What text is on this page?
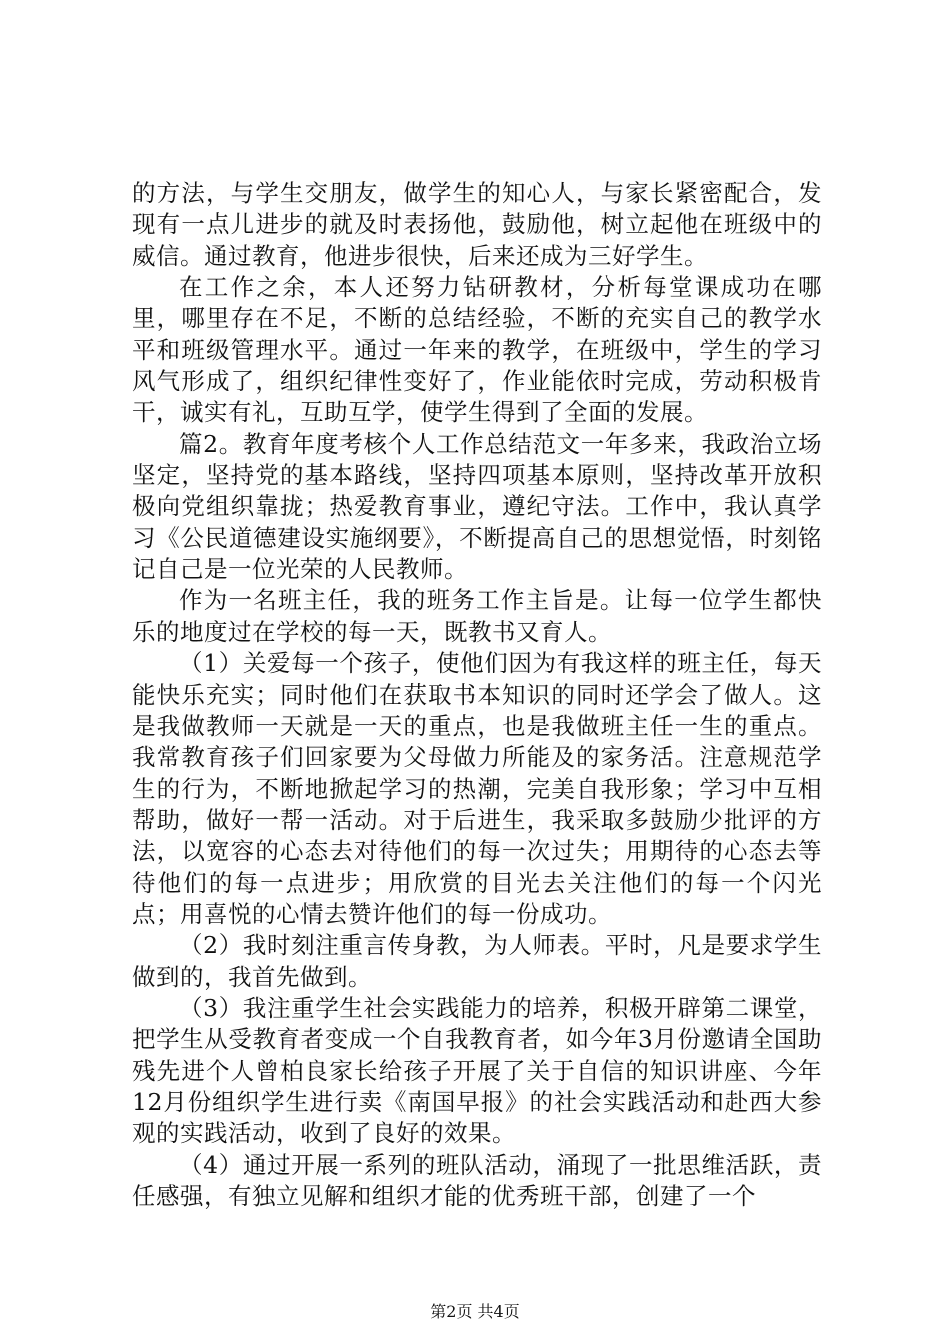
的方法，与学生交朋友，做学生的知心人，与家长紧密配合，发现有一点儿进步的就及时表扬他，鼓励他，树立起他在班级中的威信。通过教育，他进步很快，后来还成为三好学生。

在工作之余，本人还努力钻研教材，分析每堂课成功在哪里，哪里存在不足，不断的总结经验，不断的充实自己的教学水平和班级管理水平。通过一年来的教学，在班级中，学生的学习风气形成了，组织纪律性变好了，作业能依时完成，劳动积极肯干，诚实有礼，互助互学，使学生得到了全面的发展。

篇2。教育年度考核个人工作总结范文一年多来，我政治立场坚定，坚持党的基本路线，坚持四项基本原则，坚持改革开放积极向党组织靠拢；热爱教育事业，遵纪守法。工作中，我认真学习《公民道德建设实施纲要》，不断提高自己的思想觉悟，时刻铭记自己是一位光荣的人民教师。

作为一名班主任，我的班务工作主旨是。让每一位学生都快乐的地度过在学校的每一天，既教书又育人。

（1）关爱每一个孩子，使他们因为有我这样的班主任，每天能快乐充实；同时他们在获取书本知识的同时还学会了做人。这是我做教师一天就是一天的重点，也是我做班主任一生的重点。我常教育孩子们回家要为父母做力所能及的家务活。注意规范学生的行为，不断地掀起学习的热潮，完美自我形象；学习中互相帮助，做好一帮一活动。对于后进生，我采取多鼓励少批评的方法，以宽容的心态去对待他们的每一次过失；用期待的心态去等待他们的每一点进步；用欣赏的目光去关注他们的每一个闪光点；用喜悦的心情去赞许他们的每一份成功。

（2）我时刻注重言传身教，为人师表。平时，凡是要求学生做到的，我首先做到。

（3）我注重学生社会实践能力的培养，积极开辟第二课堂，把学生从受教育者变成一个自我教育者，如今年3月份邀请全国助残先进个人曾柏良家长给孩子开展了关于自信的知识讲座、今年12月份组织学生进行卖《南国早报》的社会实践活动和赴西大参观的实践活动，收到了良好的效果。

（4）通过开展一系列的班队活动，涌现了一批思维活跃，责任感强，有独立见解和组织才能的优秀班干部，创建了一个

第2页 共4页
